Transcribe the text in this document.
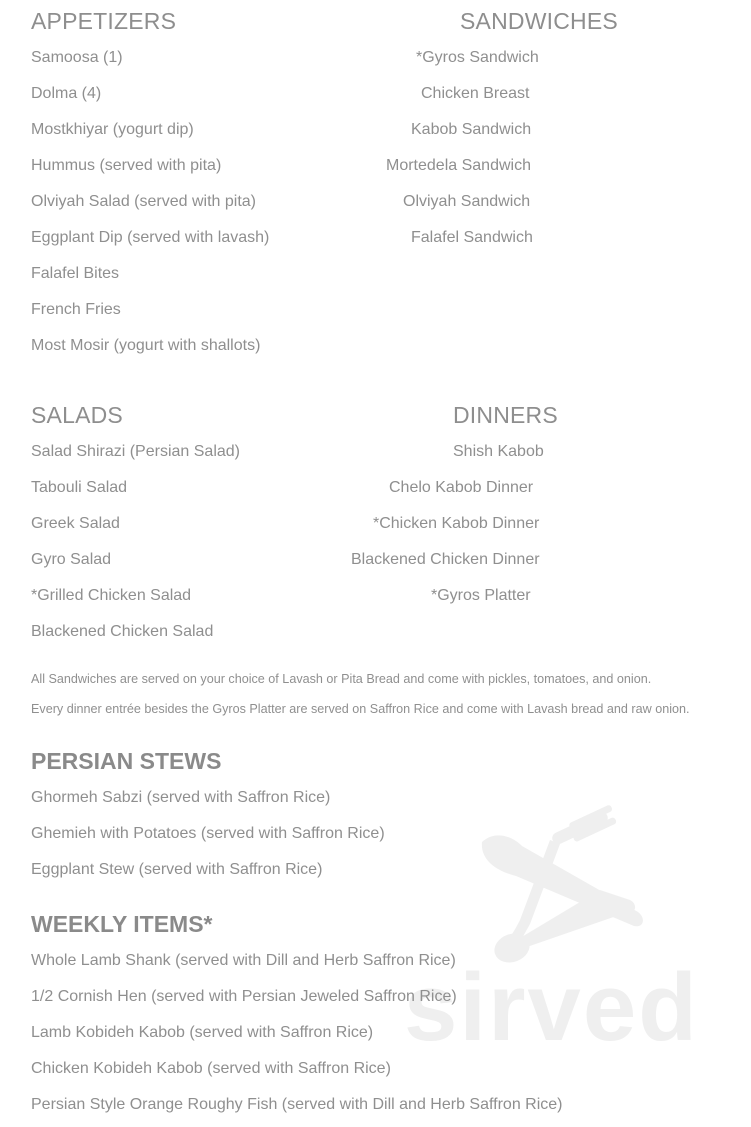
sirved
APPETIZERS
Samoosa (1)
Dolma (4)
Mostkhiyar (yogurt dip)
Hummus (served with pita)
Olviyah Salad (served with pita)
Eggplant Dip (served with lavash)
Falafel Bites
French Fries
Most Mosir (yogurt with shallots)
SANDWICHES
*Gyros Sandwich
Chicken Breast
Kabob Sandwich
Mortedela Sandwich
Olviyah Sandwich
Falafel Sandwich
SALADS
Salad Shirazi (Persian Salad)
Tabouli Salad
Greek Salad
Gyro Salad
*Grilled Chicken Salad
Blackened Chicken Salad
DINNERS
Shish Kabob
Chelo Kabob Dinner
*Chicken Kabob Dinner
Blackened Chicken Dinner
*Gyros Platter
All Sandwiches are served on your choice of Lavash or Pita Bread and come with pickles, tomatoes, and onion.
Every dinner entrée besides the Gyros Platter are served on Saffron Rice and come with Lavash bread and raw onion.
PERSIAN STEWS
Ghormeh Sabzi (served with Saffron Rice)
Ghemieh with Potatoes (served with Saffron Rice)
Eggplant Stew (served with Saffron Rice)
WEEKLY ITEMS*
Whole Lamb Shank (served with Dill and Herb Saffron Rice)
1/2 Cornish Hen (served with Persian Jeweled Saffron Rice)
Lamb Kobideh Kabob (served with Saffron Rice)
Chicken Kobideh Kabob (served with Saffron Rice)
Persian Style Orange Roughy Fish (served with Dill and Herb Saffron Rice)
